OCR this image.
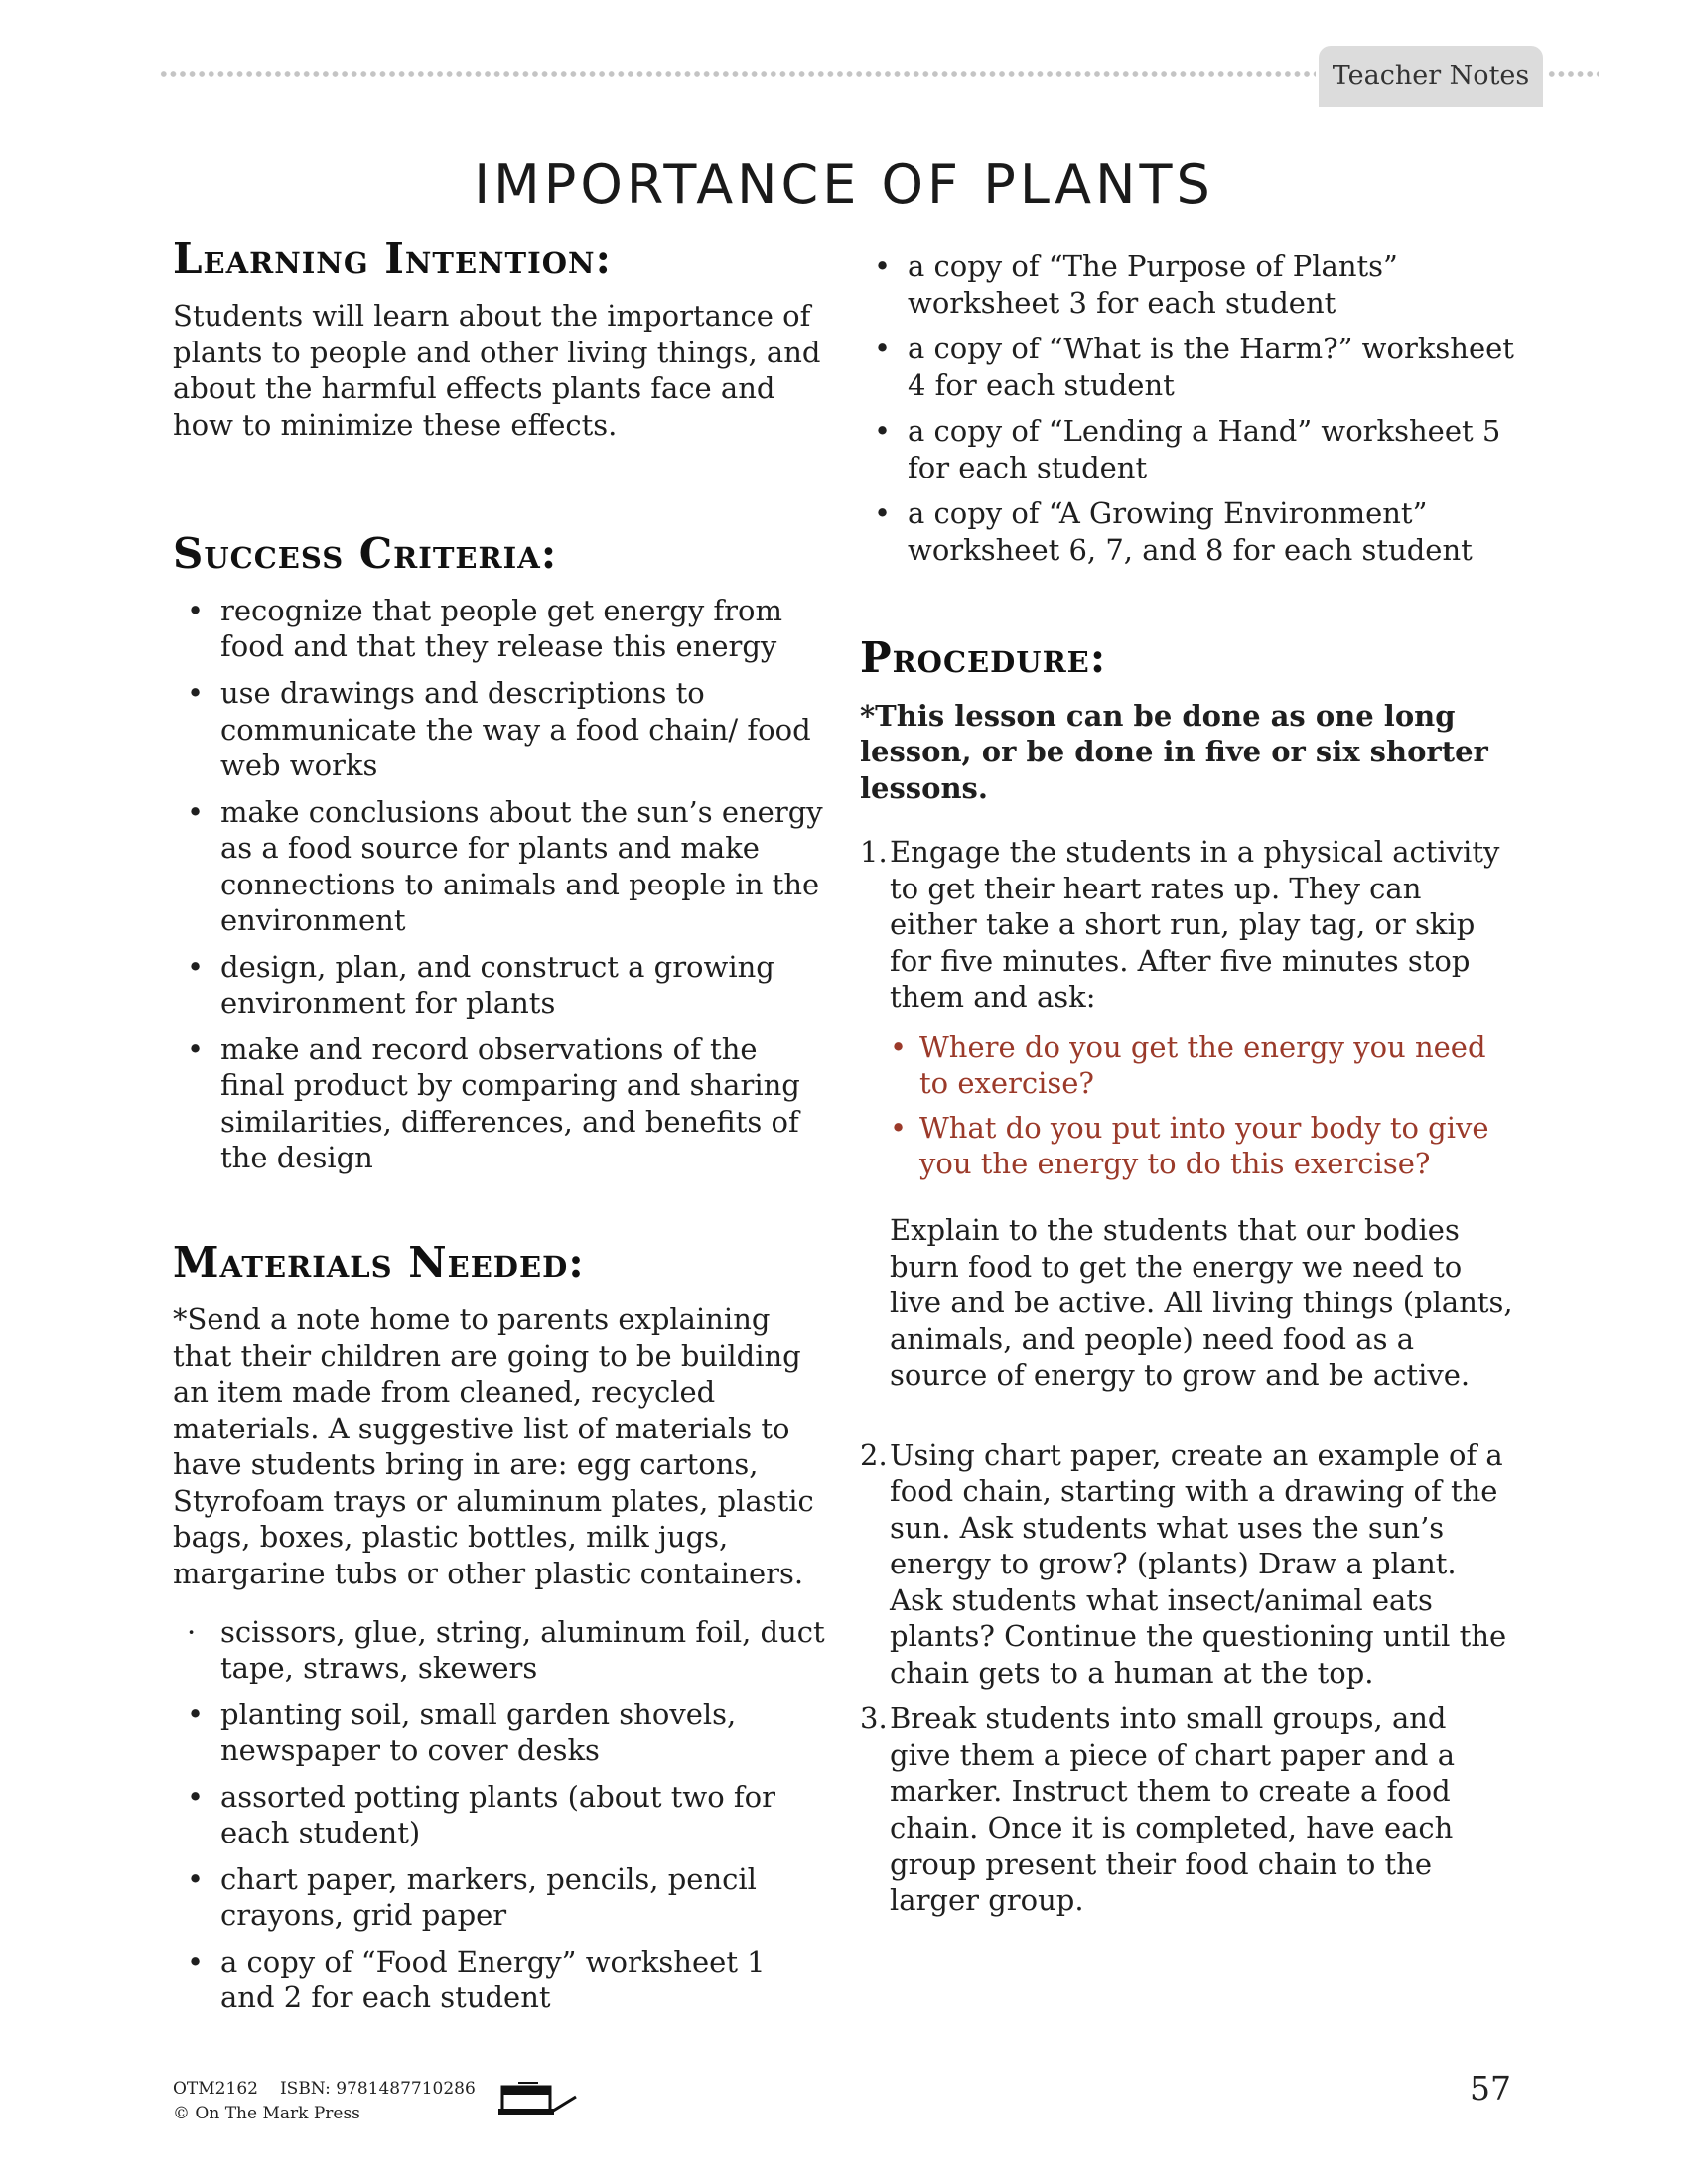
Teacher Notes
IMPORTANCE OF PLANTS
Learning Intention:

Students will learn about the importance of plants to people and other living things, and about the harmful effects plants face and how to minimize these effects.

Success Criteria:
• recognize that people get energy from food and that they release this energy
• use drawings and descriptions to communicate the way a food chain/ food web works
• make conclusions about the sun’s energy as a food source for plants and make connections to animals and people in the environment
• design, plan, and construct a growing environment for plants
• make and record observations of the final product by comparing and sharing similarities, differences, and benefits of the design
Materials Needed:

*Send a note home to parents explaining that their children are going to be building an item made from cleaned, recycled materials. A suggestive list of materials to have students bring in are: egg cartons, Styrofoam trays or aluminum plates, plastic bags, boxes, plastic bottles, milk jugs, margarine tubs or other plastic containers.

· scissors, glue, string, aluminum foil, duct tape, straws, skewers
• planting soil, small garden shovels, newspaper to cover desks
• assorted potting plants (about two for each student)
• chart paper, markers, pencils, pencil crayons, grid paper
• a copy of “Food Energy” worksheet 1 and 2 for each student
• a copy of “The Purpose of Plants” worksheet 3 for each student
• a copy of “What is the Harm?” worksheet 4 for each student
• a copy of “Lending a Hand” worksheet 5 for each student
• a copy of “A Growing Environment” worksheet 6, 7, and 8 for each student
Procedure:

*This lesson can be done as one long lesson, or be done in five or six shorter lessons.

1. Engage the students in a physical activity to get their heart rates up. They can either take a short run, play tag, or skip for five minutes. After five minutes stop them and ask:
• Where do you get the energy you need to exercise?
• What do you put into your body to give you the energy to do this exercise?
Explain to the students that our bodies burn food to get the energy we need to live and be active. All living things (plants, animals, and people) need food as a source of energy to grow and be active.
2. Using chart paper, create an example of a food chain, starting with a drawing of the sun. Ask students what uses the sun’s energy to grow? (plants) Draw a plant. Ask students what insect/animal eats plants? Continue the questioning until the chain gets to a human at the top.
3. Break students into small groups, and give them a piece of chart paper and a marker. Instruct them to create a food chain. Once it is completed, have each group present their food chain to the larger group.
OTM2162 ISBN: 9781487710286
© On The Mark Press
57
